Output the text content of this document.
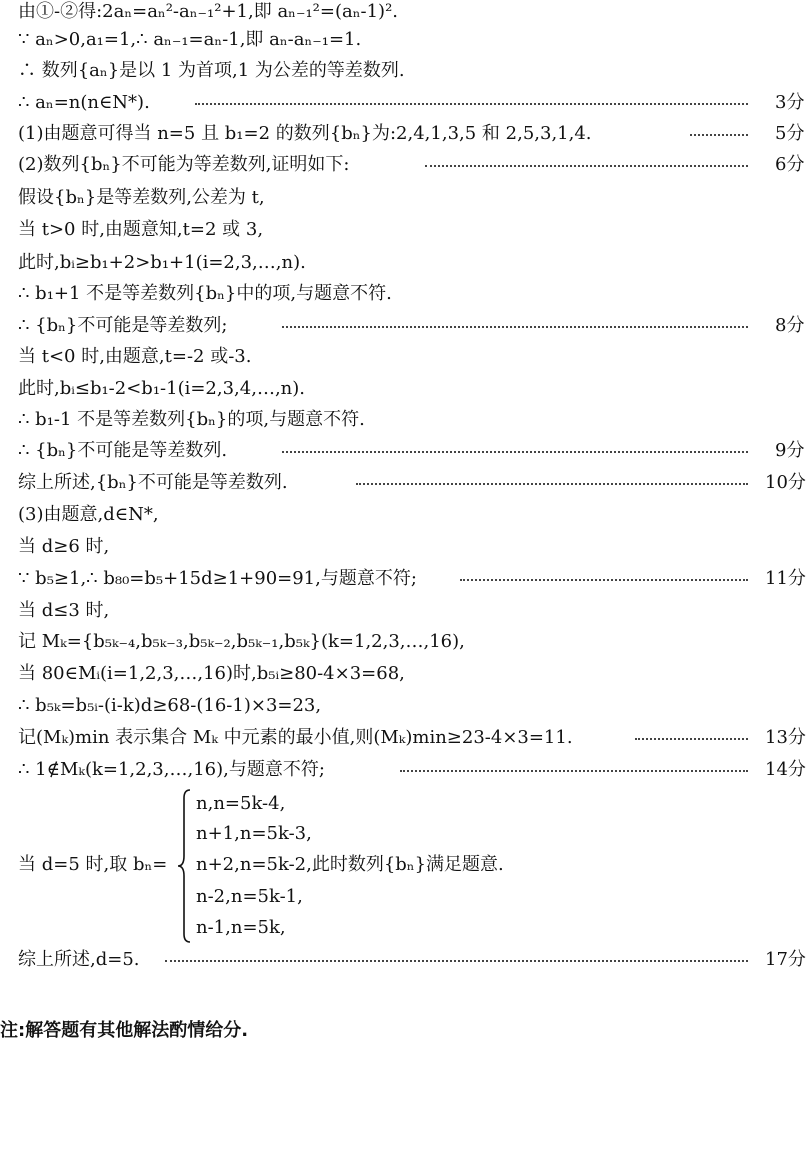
由①-②得:2aₙ=aₙ²-aₙ₋₁²+1,即 aₙ₋₁²=(aₙ-1)².
∵ aₙ>0,a₁=1,∴ aₙ₋₁=aₙ-1,即 aₙ-aₙ₋₁=1.
∴ 数列{aₙ}是以 1 为首项,1 为公差的等差数列.
∴ aₙ=n(n∈N*).
(1)由题意可得当 n=5 且 b₁=2 的数列{bₙ}为:2,4,1,3,5 和 2,5,3,1,4.
(2)数列{bₙ}不可能为等差数列,证明如下:
假设{bₙ}是等差数列,公差为 t,
当 t>0 时,由题意知,t=2 或 3,
此时,bᵢ≥b₁+2>b₁+1(i=2,3,…,n).
∴ b₁+1 不是等差数列{bₙ}中的项,与题意不符.
∴ {bₙ}不可能是等差数列;
当 t<0 时,由题意,t=-2 或-3.
此时,bᵢ≤b₁-2<b₁-1(i=2,3,4,…,n).
∴ b₁-1 不是等差数列{bₙ}的项,与题意不符.
∴ {bₙ}不可能是等差数列.
综上所述,{bₙ}不可能是等差数列.
(3)由题意,d∈N*,
当 d≥6 时,
∵ b₅≥1,∴ b₈₀=b₅+15d≥1+90=91,与题意不符;
当 d≤3 时,
记 Mₖ={b₅ₖ₋₄,b₅ₖ₋₃,b₅ₖ₋₂,b₅ₖ₋₁,b₅ₖ}(k=1,2,3,…,16),
当 80∈Mᵢ(i=1,2,3,…,16)时,b₅ᵢ≥80-4×3=68,
∴ b₅ₖ=b₅ᵢ-(i-k)d≥68-(16-1)×3=23,
记(Mₖ)min 表示集合 Mₖ 中元素的最小值,则(Mₖ)min≥23-4×3=11.
∴ 1∉Mₖ(k=1,2,3,…,16),与题意不符;
3分
5分
6分
8分
9分
10分
11分
13分
14分
当 d=5 时,取 bₙ=
n,n=5k-4,
n+1,n=5k-3,
n+2,n=5k-2,此时数列{bₙ}满足题意.
n-2,n=5k-1,
n-1,n=5k,
综上所述,d=5.	17分
注:解答题有其他解法酌情给分.
